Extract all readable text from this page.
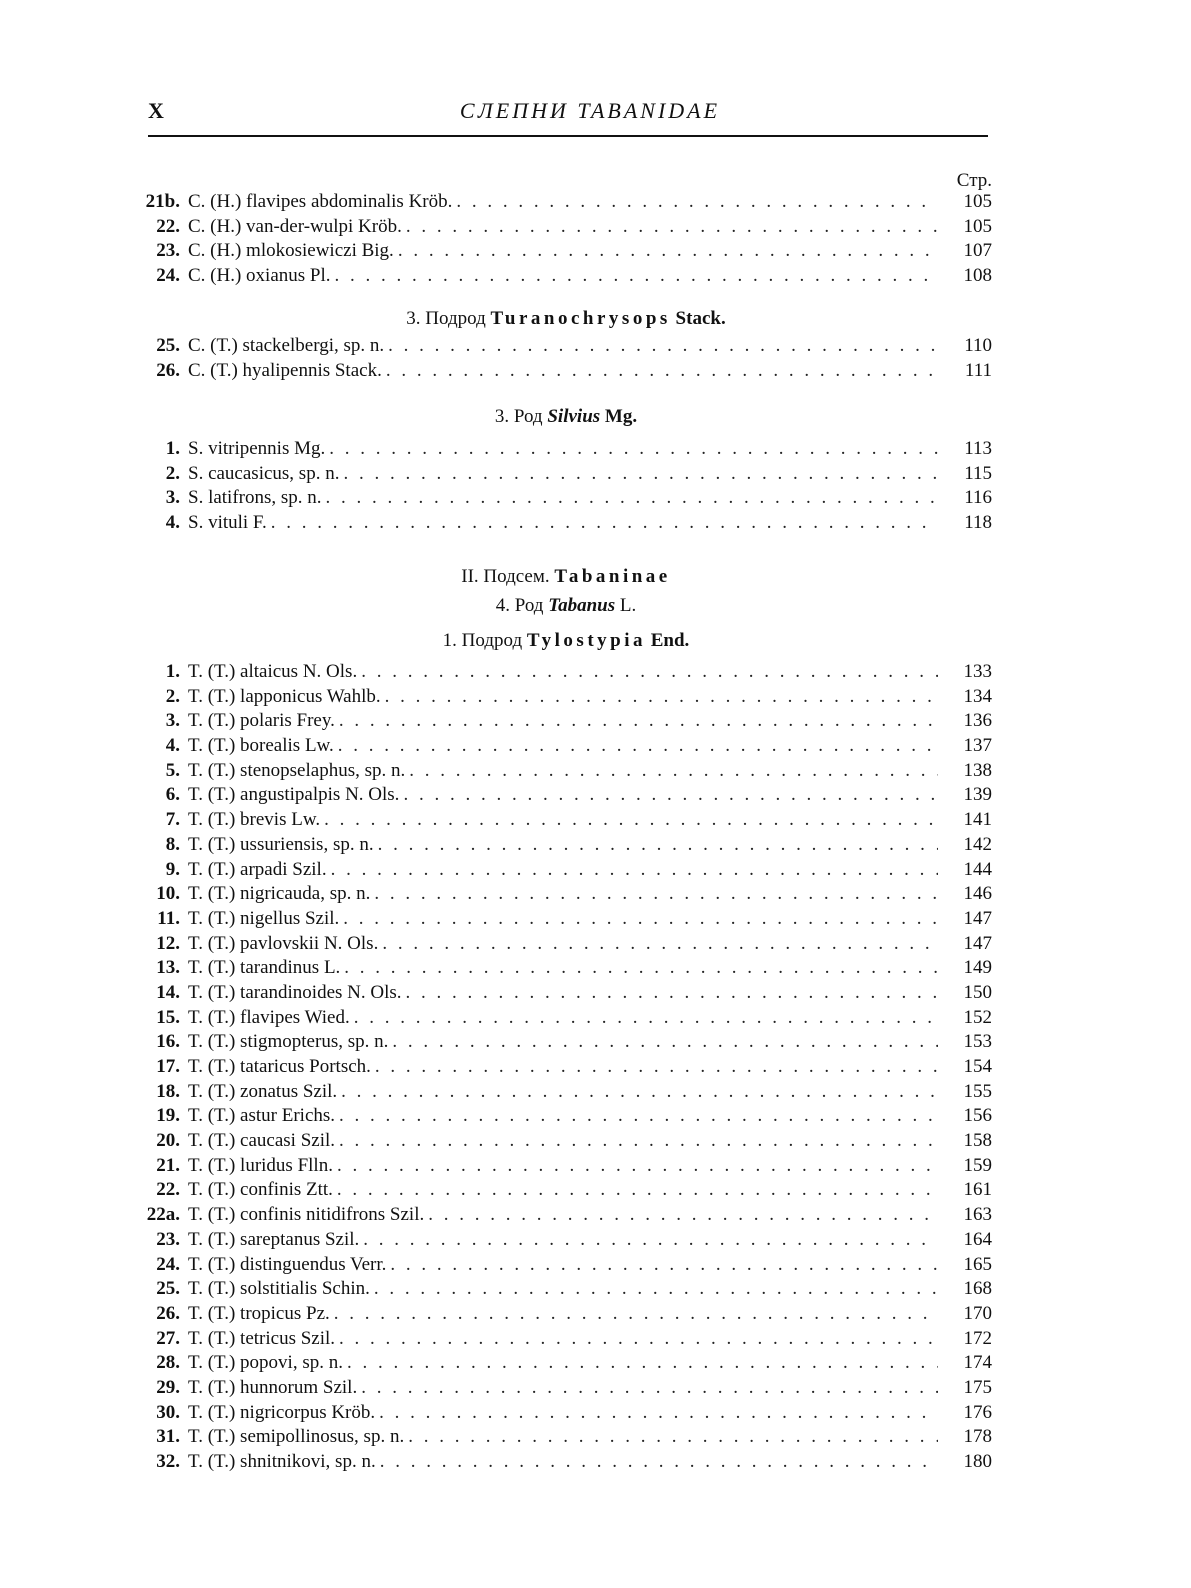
X	СЛЕПНИ TABANIDAE
Стр.
21b. C. (H.) flavipes abdominalis Kröb. . . .	105
22. C. (H.) van-der-wulpi Kröb. . . .	105
23. C. (H.) mlokosiewiczi Big. . . .	107
24. C. (H.) oxianus Pl. . . .	108
3. Подрод Turanochrysops Stack.
25. C. (T.) stackelbergi, sp. n. . . .	110
26. C. (T.) hyalipennis Stack. . . .	111
3. Род Silvius Mg.
1. S. vitripennis Mg. . . .	113
2. S. caucasicus, sp. n. . . .	115
3. S. latifrons, sp. n. . . .	116
4. S. vituli F. . . .	118
II. Подсем. Tabaninae
4. Род Tabanus L.
1. Подрод Tylostypia End.
1. T. (T.) altaicus N. Ols. . . .	133
2. T. (T.) lapponicus Wahlb. . . .	134
3. T. (T.) polaris Frey. . . .	136
4. T. (T.) borealis Lw. . . .	137
5. T. (T.) stenopselaphus, sp. n. . . .	138
6. T. (T.) angustipalpis N. Ols. . . .	139
7. T. (T.) brevis Lw. . . .	141
8. T. (T.) ussuriensis, sp. n. . . .	142
9. T. (T.) arpadi Szil. . . .	144
10. T. (T.) nigricauda, sp. n. . . .	146
11. T. (T.) nigellus Szil. . . .	147
12. T. (T.) pavlovskii N. Ols. . . .	147
13. T. (T.) tarandinus L. . . .	149
14. T. (T.) tarandinoides N. Ols. . . .	150
15. T. (T.) flavipes Wied. . . .	152
16. T. (T.) stigmopterus, sp. n. . . .	153
17. T. (T.) tataricus Portsch. . . .	154
18. T. (T.) zonatus Szil. . . .	155
19. T. (T.) astur Erichs. . . .	156
20. T. (T.) caucasi Szil. . . .	158
21. T. (T.) luridus Flln. . . .	159
22. T. (T.) confinis Ztt. . . .	161
22a. T. (T.) confinis nitidifrons Szil. . . .	163
23. T. (T.) sareptanus Szil. . . .	164
24. T. (T.) distinguendus Verr. . . .	165
25. T. (T.) solstitialis Schin. . . .	168
26. T. (T.) tropicus Pz. . . .	170
27. T. (T.) tetricus Szil. . . .	172
28. T. (T.) popovi, sp. n. . . .	174
29. T. (T.) hunnorum Szil. . . .	175
30. T. (T.) nigricorpus Kröb. . . .	176
31. T. (T.) semipollinosus, sp. n. . . .	178
32. T. (T.) shnitnikovi, sp. n. . . .	180
